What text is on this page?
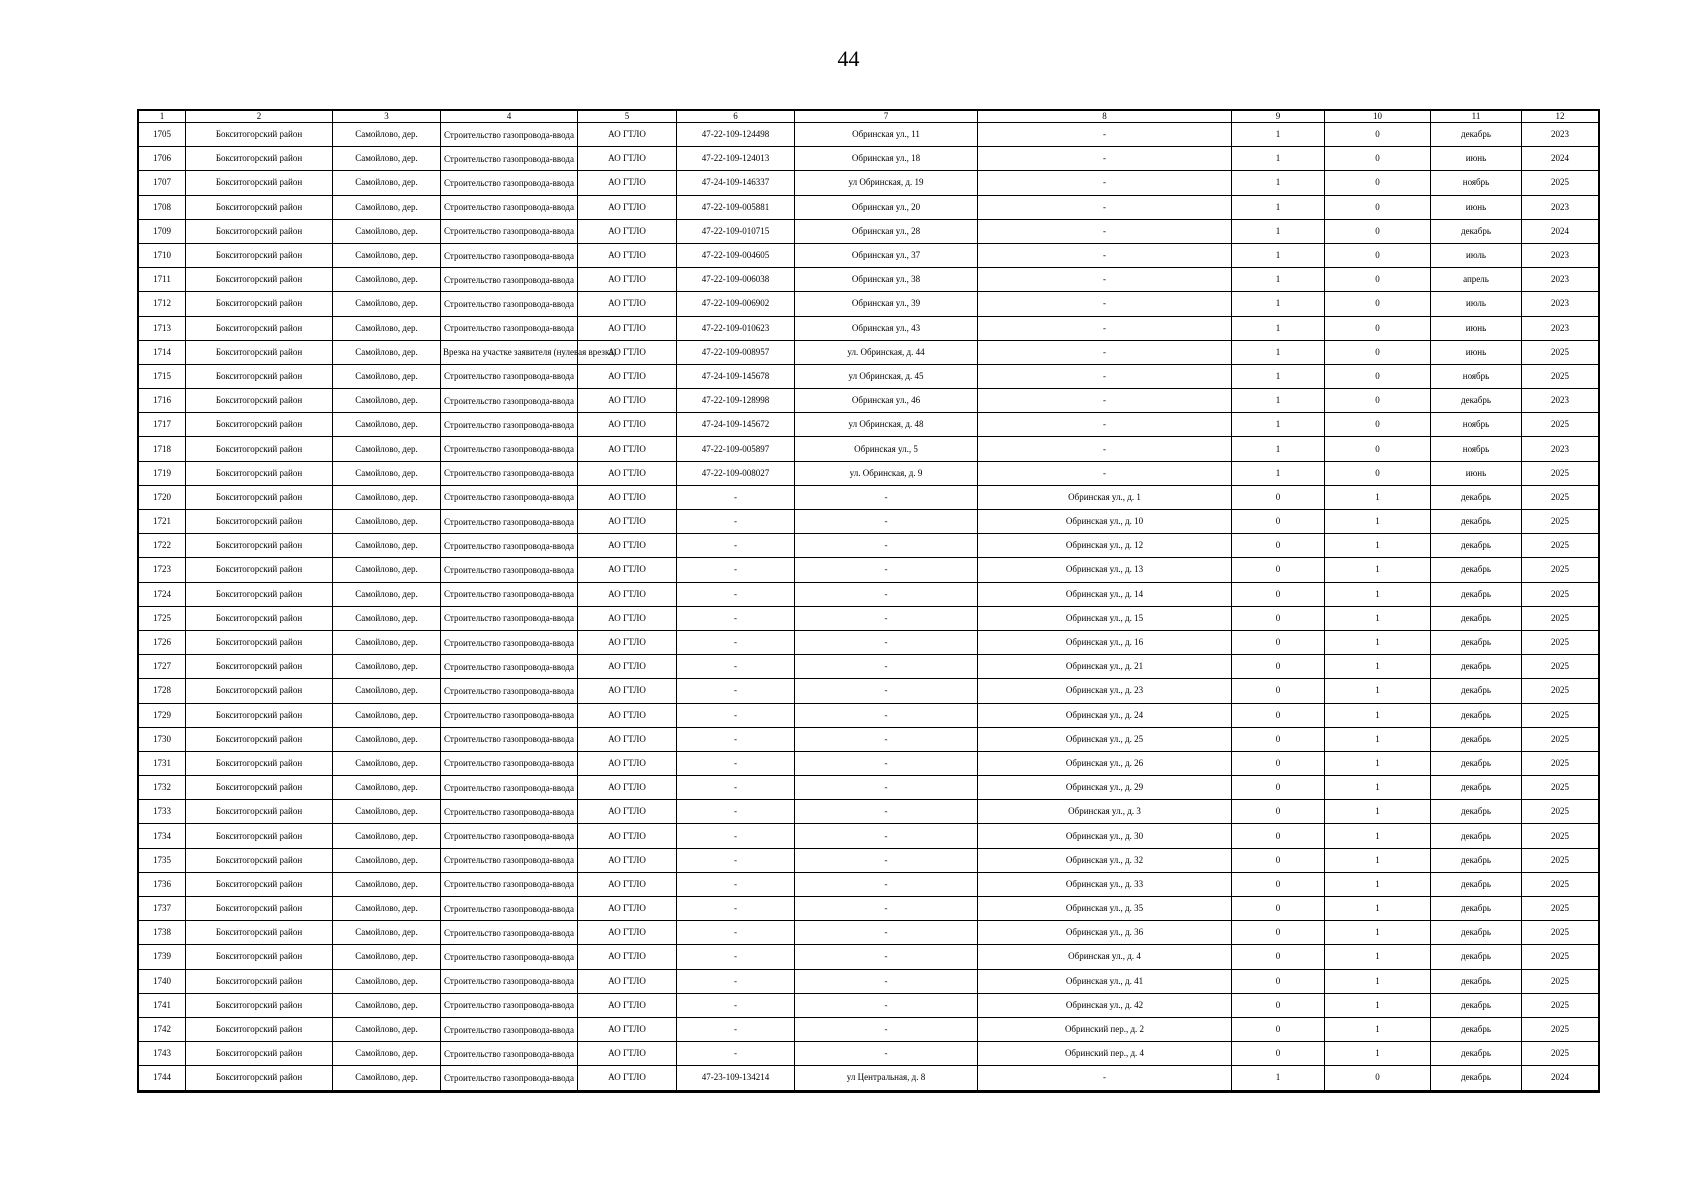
44
1	2	3	4	5	6	7	8	9	10	11	12
1705	Бокситогорский район	Самойлово, дер.	Строительство газопровода-ввода	АО ГТЛО	47-22-109-124498	Обринская ул., 11	-	1	0	декабрь	2023
1706	Бокситогорский район	Самойлово, дер.	Строительство газопровода-ввода	АО ГТЛО	47-22-109-124013	Обринская ул., 18	-	1	0	июнь	2024
1707	Бокситогорский район	Самойлово, дер.	Строительство газопровода-ввода	АО ГТЛО	47-24-109-146337	ул Обринская, д. 19	-	1	0	ноябрь	2025
1708	Бокситогорский район	Самойлово, дер.	Строительство газопровода-ввода	АО ГТЛО	47-22-109-005881	Обринская ул., 20	-	1	0	июнь	2023
1709	Бокситогорский район	Самойлово, дер.	Строительство газопровода-ввода	АО ГТЛО	47-22-109-010715	Обринская ул., 28	-	1	0	декабрь	2024
1710	Бокситогорский район	Самойлово, дер.	Строительство газопровода-ввода	АО ГТЛО	47-22-109-004605	Обринская ул., 37	-	1	0	июль	2023
1711	Бокситогорский район	Самойлово, дер.	Строительство газопровода-ввода	АО ГТЛО	47-22-109-006038	Обринская ул., 38	-	1	0	апрель	2023
1712	Бокситогорский район	Самойлово, дер.	Строительство газопровода-ввода	АО ГТЛО	47-22-109-006902	Обринская ул., 39	-	1	0	июль	2023
1713	Бокситогорский район	Самойлово, дер.	Строительство газопровода-ввода	АО ГТЛО	47-22-109-010623	Обринская ул., 43	-	1	0	июнь	2023
1714	Бокситогорский район	Самойлово, дер.	Врезка на участке заявителя (нулевая врезка)	АО ГТЛО	47-22-109-008957	ул. Обринская, д. 44	-	1	0	июнь	2025
1715	Бокситогорский район	Самойлово, дер.	Строительство газопровода-ввода	АО ГТЛО	47-24-109-145678	ул Обринская, д. 45	-	1	0	ноябрь	2025
1716	Бокситогорский район	Самойлово, дер.	Строительство газопровода-ввода	АО ГТЛО	47-22-109-128998	Обринская ул., 46	-	1	0	декабрь	2023
1717	Бокситогорский район	Самойлово, дер.	Строительство газопровода-ввода	АО ГТЛО	47-24-109-145672	ул Обринская, д. 48	-	1	0	ноябрь	2025
1718	Бокситогорский район	Самойлово, дер.	Строительство газопровода-ввода	АО ГТЛО	47-22-109-005897	Обринская ул., 5	-	1	0	ноябрь	2023
1719	Бокситогорский район	Самойлово, дер.	Строительство газопровода-ввода	АО ГТЛО	47-22-109-008027	ул. Обринская, д. 9	-	1	0	июнь	2025
1720	Бокситогорский район	Самойлово, дер.	Строительство газопровода-ввода	АО ГТЛО	-	-	Обринская ул., д. 1	0	1	декабрь	2025
1721	Бокситогорский район	Самойлово, дер.	Строительство газопровода-ввода	АО ГТЛО	-	-	Обринская ул., д. 10	0	1	декабрь	2025
1722	Бокситогорский район	Самойлово, дер.	Строительство газопровода-ввода	АО ГТЛО	-	-	Обринская ул., д. 12	0	1	декабрь	2025
1723	Бокситогорский район	Самойлово, дер.	Строительство газопровода-ввода	АО ГТЛО	-	-	Обринская ул., д. 13	0	1	декабрь	2025
1724	Бокситогорский район	Самойлово, дер.	Строительство газопровода-ввода	АО ГТЛО	-	-	Обринская ул., д. 14	0	1	декабрь	2025
1725	Бокситогорский район	Самойлово, дер.	Строительство газопровода-ввода	АО ГТЛО	-	-	Обринская ул., д. 15	0	1	декабрь	2025
1726	Бокситогорский район	Самойлово, дер.	Строительство газопровода-ввода	АО ГТЛО	-	-	Обринская ул., д. 16	0	1	декабрь	2025
1727	Бокситогорский район	Самойлово, дер.	Строительство газопровода-ввода	АО ГТЛО	-	-	Обринская ул., д. 21	0	1	декабрь	2025
1728	Бокситогорский район	Самойлово, дер.	Строительство газопровода-ввода	АО ГТЛО	-	-	Обринская ул., д. 23	0	1	декабрь	2025
1729	Бокситогорский район	Самойлово, дер.	Строительство газопровода-ввода	АО ГТЛО	-	-	Обринская ул., д. 24	0	1	декабрь	2025
1730	Бокситогорский район	Самойлово, дер.	Строительство газопровода-ввода	АО ГТЛО	-	-	Обринская ул., д. 25	0	1	декабрь	2025
1731	Бокситогорский район	Самойлово, дер.	Строительство газопровода-ввода	АО ГТЛО	-	-	Обринская ул., д. 26	0	1	декабрь	2025
1732	Бокситогорский район	Самойлово, дер.	Строительство газопровода-ввода	АО ГТЛО	-	-	Обринская ул., д. 29	0	1	декабрь	2025
1733	Бокситогорский район	Самойлово, дер.	Строительство газопровода-ввода	АО ГТЛО	-	-	Обринская ул., д. 3	0	1	декабрь	2025
1734	Бокситогорский район	Самойлово, дер.	Строительство газопровода-ввода	АО ГТЛО	-	-	Обринская ул., д. 30	0	1	декабрь	2025
1735	Бокситогорский район	Самойлово, дер.	Строительство газопровода-ввода	АО ГТЛО	-	-	Обринская ул., д. 32	0	1	декабрь	2025
1736	Бокситогорский район	Самойлово, дер.	Строительство газопровода-ввода	АО ГТЛО	-	-	Обринская ул., д. 33	0	1	декабрь	2025
1737	Бокситогорский район	Самойлово, дер.	Строительство газопровода-ввода	АО ГТЛО	-	-	Обринская ул., д. 35	0	1	декабрь	2025
1738	Бокситогорский район	Самойлово, дер.	Строительство газопровода-ввода	АО ГТЛО	-	-	Обринская ул., д. 36	0	1	декабрь	2025
1739	Бокситогорский район	Самойлово, дер.	Строительство газопровода-ввода	АО ГТЛО	-	-	Обринская ул., д. 4	0	1	декабрь	2025
1740	Бокситогорский район	Самойлово, дер.	Строительство газопровода-ввода	АО ГТЛО	-	-	Обринская ул., д. 41	0	1	декабрь	2025
1741	Бокситогорский район	Самойлово, дер.	Строительство газопровода-ввода	АО ГТЛО	-	-	Обринская ул., д. 42	0	1	декабрь	2025
1742	Бокситогорский район	Самойлово, дер.	Строительство газопровода-ввода	АО ГТЛО	-	-	Обринский пер., д. 2	0	1	декабрь	2025
1743	Бокситогорский район	Самойлово, дер.	Строительство газопровода-ввода	АО ГТЛО	-	-	Обринский пер., д. 4	0	1	декабрь	2025
1744	Бокситогорский район	Самойлово, дер.	Строительство газопровода-ввода	АО ГТЛО	47-23-109-134214	ул Центральная, д. 8	-	1	0	декабрь	2024
